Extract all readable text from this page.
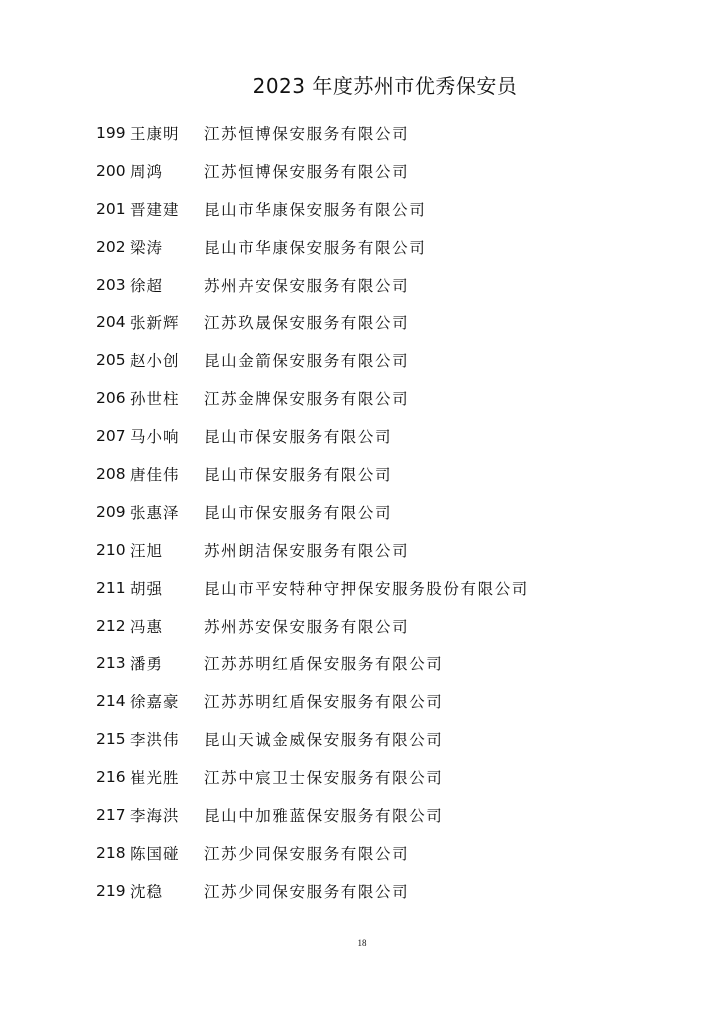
2023 年度苏州市优秀保安员
199 王康明	江苏恒博保安服务有限公司
200 周鸿	江苏恒博保安服务有限公司
201 晋建建	昆山市华康保安服务有限公司
202 梁涛	昆山市华康保安服务有限公司
203 徐超	苏州卉安保安服务有限公司
204 张新辉	江苏玖晟保安服务有限公司
205 赵小创	昆山金箭保安服务有限公司
206 孙世柱	江苏金牌保安服务有限公司
207 马小响	昆山市保安服务有限公司
208 唐佳伟	昆山市保安服务有限公司
209 张惠泽	昆山市保安服务有限公司
210 汪旭	苏州朗洁保安服务有限公司
211 胡强	昆山市平安特种守押保安服务股份有限公司
212 冯惠	苏州苏安保安服务有限公司
213 潘勇	江苏苏明红盾保安服务有限公司
214 徐嘉豪	江苏苏明红盾保安服务有限公司
215 李洪伟	昆山天诚金威保安服务有限公司
216 崔光胜	江苏中宸卫士保安服务有限公司
217 李海洪	昆山中加雅蓝保安服务有限公司
218 陈国碰	江苏少同保安服务有限公司
219 沈稳	江苏少同保安服务有限公司
18
